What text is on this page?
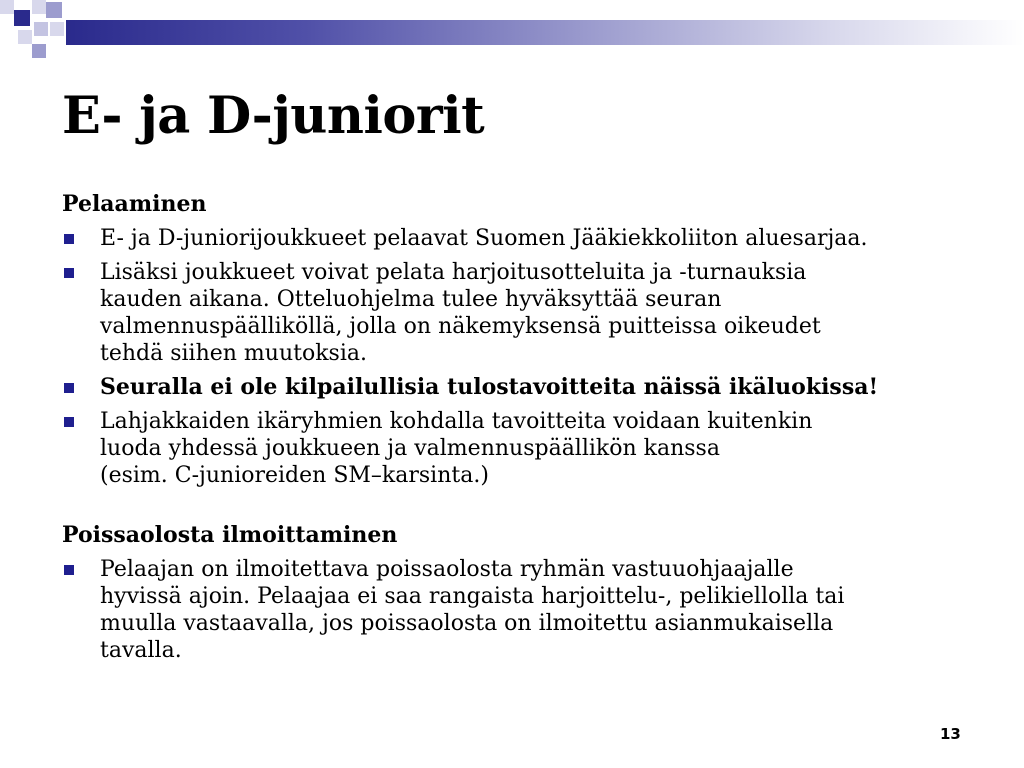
E- ja D-juniorit

Pelaaminen

E- ja D-juniorijoukkueet pelaavat Suomen Jääkiekkoliiton aluesarjaa.
Lisäksi joukkueet voivat pelata harjoitusotteluita ja -turnauksia
kauden aikana. Otteluohjelma tulee hyväksyttää seuran
valmennuspäälliköllä, jolla on näkemyksensä puitteissa oikeudet
tehdä siihen muutoksia.
Seuralla ei ole kilpailullisia tulostavoitteita näissä ikäluokissa!
Lahjakkaiden ikäryhmien kohdalla tavoitteita voidaan kuitenkin
luoda yhdessä joukkueen ja valmennuspäällikön kanssa
(esim. C-junioreiden SM–karsinta.)

Poissaolosta ilmoittaminen

Pelaajan on ilmoitettava poissaolosta ryhmän vastuuohjaajalle
hyvissä ajoin. Pelaajaa ei saa rangaista harjoittelu-, pelikiellolla tai
muulla vastaavalla, jos poissaolosta on ilmoitettu asianmukaisella
tavalla.
13
